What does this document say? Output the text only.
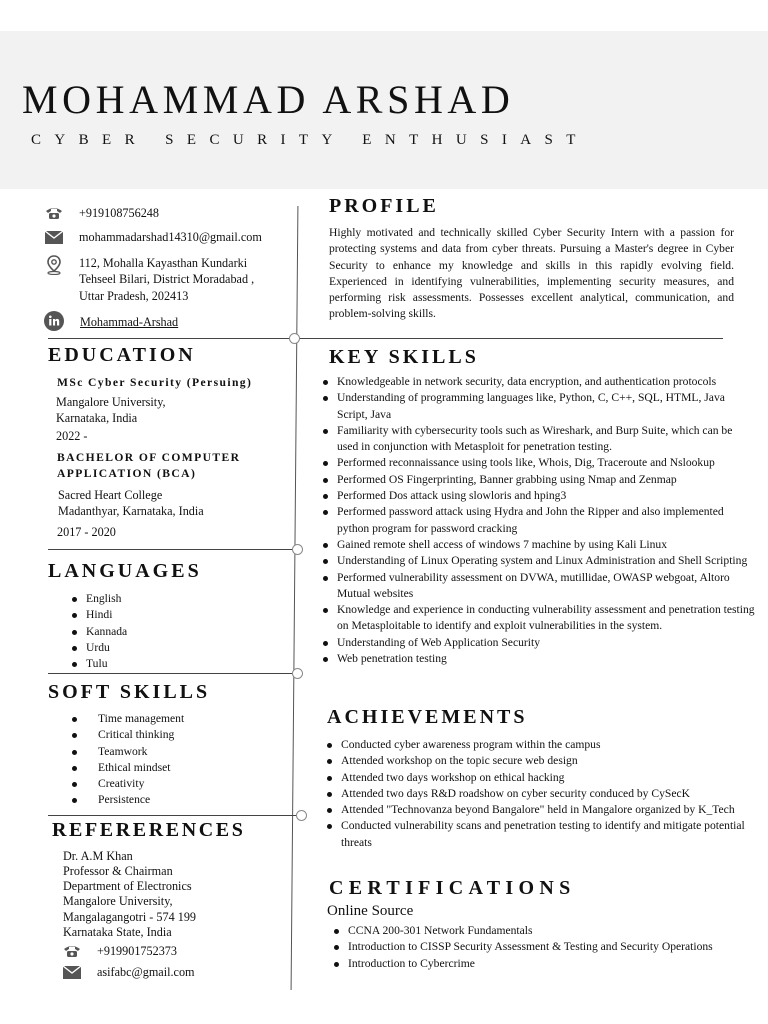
MOHAMMAD ARSHAD
CYBER SECURITY ENTHUSIAST
+919108756248
mohammadarshad14310@gmail.com
112, Mohalla Kayasthan Kundarki
Tehseel Bilari, District Moradabad ,
Uttar Pradesh, 202413
Mohammad-Arshad
PROFILE
Highly motivated and technically skilled Cyber Security Intern with a passion for protecting systems and data from cyber threats. Pursuing a Master's degree in Cyber Security to enhance my knowledge and skills in this rapidly evolving field. Experienced in identifying vulnerabilities, implementing security measures, and performing risk assessments. Possesses excellent analytical, communication, and problem-solving skills.
EDUCATION
MSc Cyber Security (Persuing)
Mangalore University,
Karnataka, India
2022 -
BACHELOR OF COMPUTER
APPLICATION (BCA)
Sacred Heart College
Madanthyar, Karnataka, India
2017 - 2020
LANGUAGES
English
Hindi
Kannada
Urdu
Tulu
SOFT SKILLS
Time management
Critical thinking
Teamwork
Ethical mindset
Creativity
Persistence
REFERERENCES
Dr. A.M Khan
Professor & Chairman
Department of Electronics
Mangalore University,
Mangalagangotri - 574 199
Karnataka State, India
+919901752373
asifabc@gmail.com
KEY SKILLS
Knowledgeable in network security, data encryption, and authentication protocols
Understanding of programming languages like, Python, C, C++, SQL, HTML, Java Script, Java
Familiarity with cybersecurity tools such as Wireshark, and Burp Suite, which can be used in conjunction with Metasploit for penetration testing.
Performed reconnaissance using tools like, Whois, Dig, Traceroute and Nslookup
Performed OS Fingerprinting, Banner grabbing using Nmap and Zenmap
Performed Dos attack using slowloris and hping3
Performed password attack using Hydra and John the Ripper and also implemented python program for password cracking
Gained remote shell access of windows 7 machine by using Kali Linux
Understanding of Linux Operating system and Linux Administration and Shell Scripting
Performed vulnerability assessment on DVWA, mutillidae, OWASP webgoat, Altoro Mutual websites
Knowledge and experience in conducting vulnerability assessment and penetration testing on Metasploitable to identify and exploit vulnerabilities in the system.
Understanding of Web Application Security
Web penetration testing
ACHIEVEMENTS
Conducted cyber awareness program within the campus
Attended workshop on the topic secure web design
Attended two days workshop on ethical hacking
Attended two days R&D roadshow on cyber security conduced by CySecK
Attended "Technovanza beyond Bangalore" held in Mangalore organized by K_Tech
Conducted vulnerability scans and penetration testing to identify and mitigate potential threats
CERTIFICATIONS
Online Source
CCNA 200-301 Network Fundamentals
Introduction to CISSP Security Assessment & Testing and Security Operations
Introduction to Cybercrime
